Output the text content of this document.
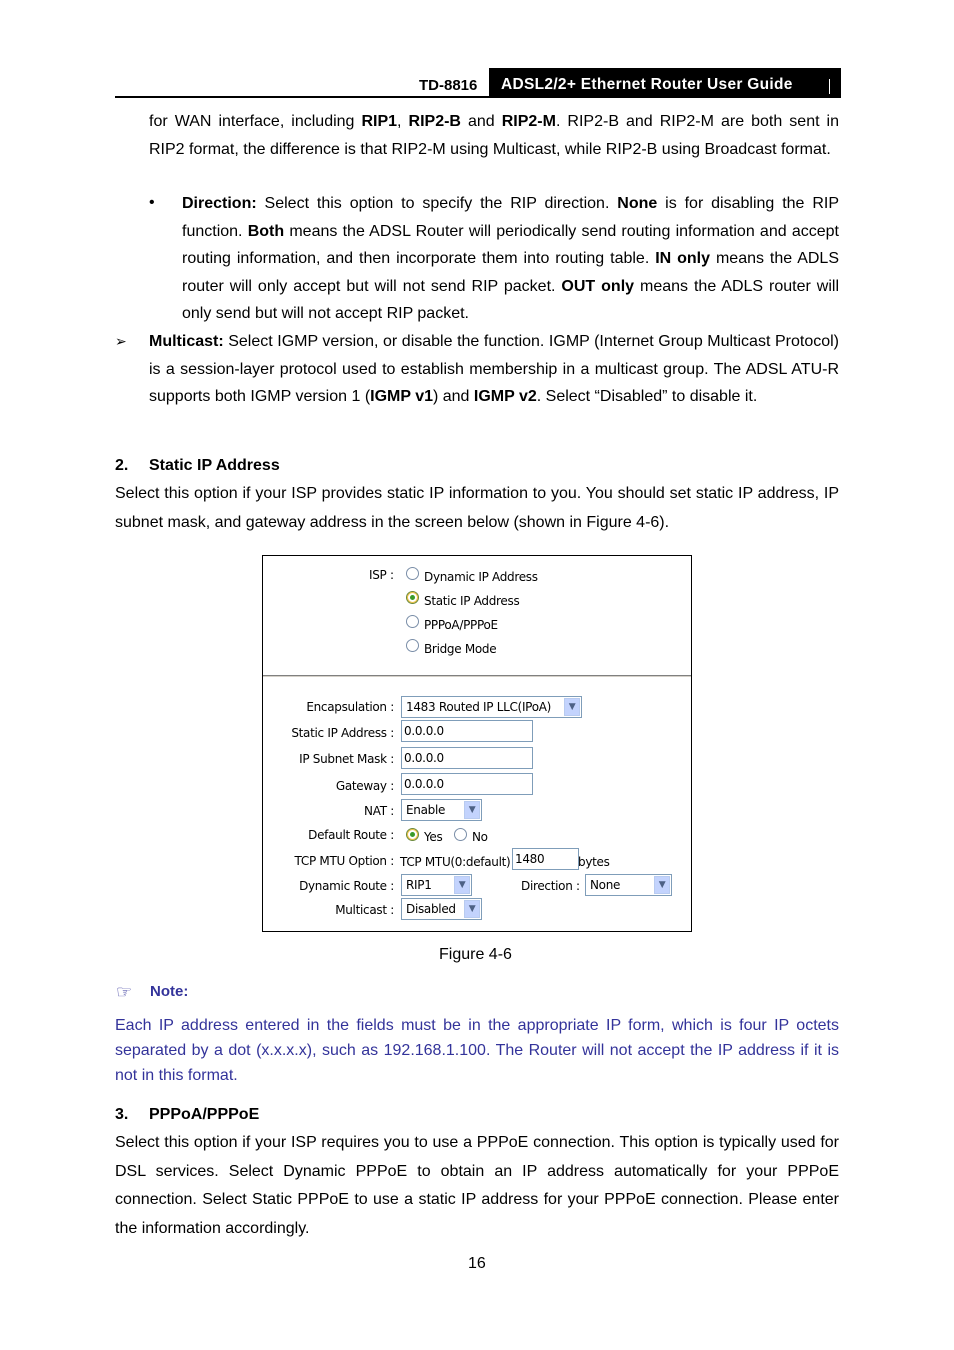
TD-8816	ADSL2/2+ Ethernet Router User Guide
for WAN interface, including RIP1, RIP2-B and RIP2-M. RIP2-B and RIP2-M are both sent in RIP2 format, the difference is that RIP2-M using Multicast, while RIP2-B using Broadcast format.
• Direction: Select this option to specify the RIP direction. None is for disabling the RIP function. Both means the ADSL Router will periodically send routing information and accept routing information, and then incorporate them into routing table. IN only means the ADLS router will only accept but will not send RIP packet. OUT only means the ADLS router will only send but will not accept RIP packet.
➢ Multicast: Select IGMP version, or disable the function. IGMP (Internet Group Multicast Protocol) is a session-layer protocol used to establish membership in a multicast group. The ADSL ATU-R supports both IGMP version 1 (IGMP v1) and IGMP v2. Select “Disabled” to disable it.
2. Static IP Address
Select this option if your ISP provides static IP information to you. You should set static IP address, IP subnet mask, and gateway address in the screen below (shown in Figure 4-6).
ISP :	Dynamic IP Address
Static IP Address
PPPoA/PPPoE
Bridge Mode
Encapsulation :	1483 Routed IP LLC(IPoA)	▼
Static IP Address : 0.0.0.0
IP Subnet Mask : 0.0.0.0
Gateway : 0.0.0.0
NAT :	Enable	▼
Default Route :	Yes No
TCP MTU Option : TCP MTU(0:default) 1480	bytes
Dynamic Route :	RIP1	▼	Direction : None	▼
Multicast :	Disabled	▼
Figure 4-6
☞ Note:
Each IP address entered in the fields must be in the appropriate IP form, which is four IP octets separated by a dot (x.x.x.x), such as 192.168.1.100. The Router will not accept the IP address if it is not in this format.
3. PPPoA/PPPoE
Select this option if your ISP requires you to use a PPPoE connection. This option is typically used for DSL services. Select Dynamic PPPoE to obtain an IP address automatically for your PPPoE connection. Select Static PPPoE to use a static IP address for your PPPoE connection. Please enter the information accordingly.
16
